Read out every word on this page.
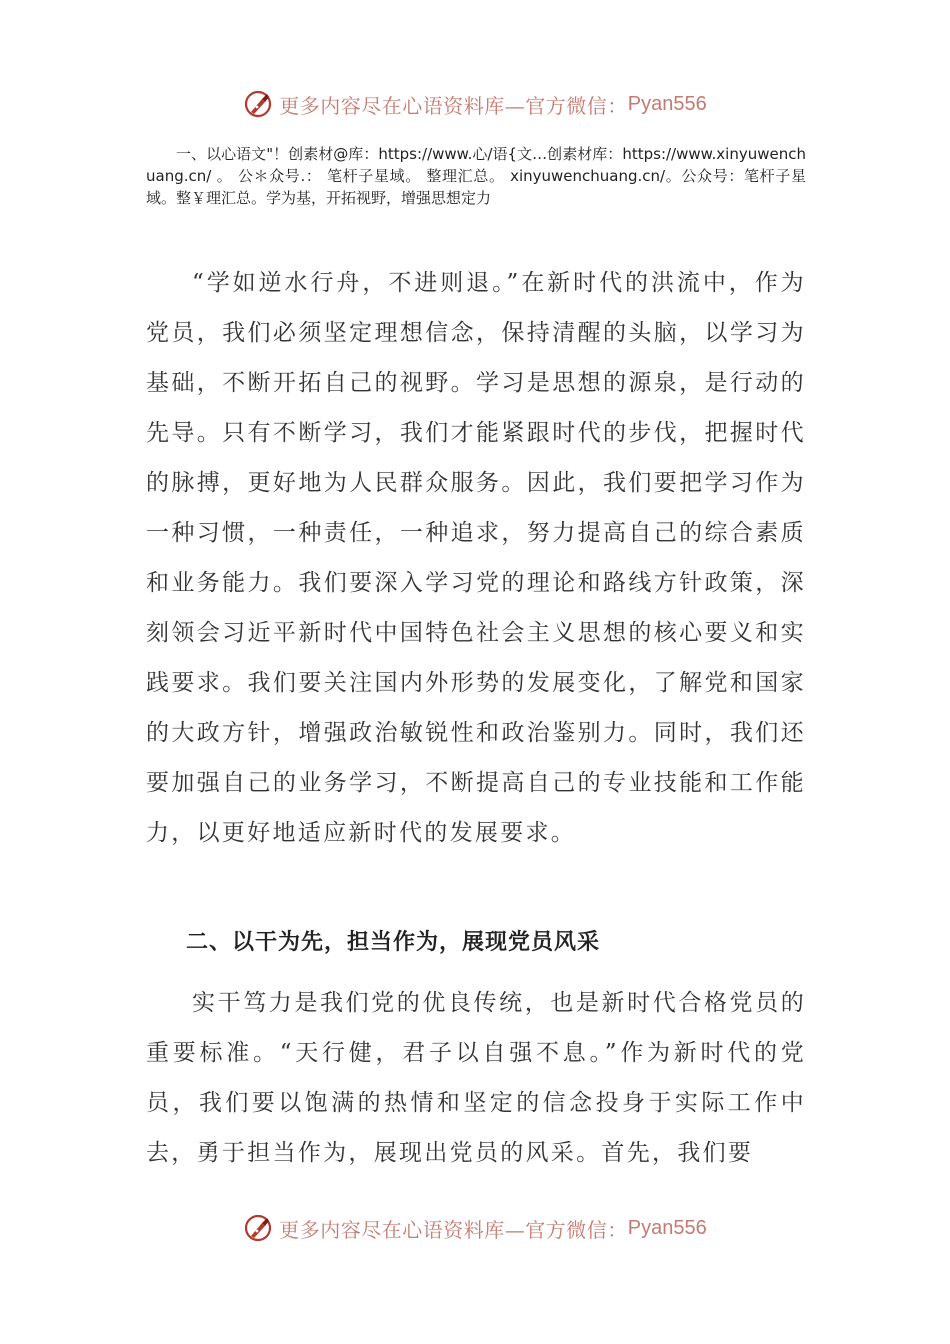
更多内容尽在心语资料库—官方微信： Pyan556

一、以心语文"！创素材@库：https://www.心/语{文…创素材库：https://www.xinyuwenchuang.cn/ 。 公＊众号.： 笔杆子星域。 整理汇总。 xinyuwenchuang.cn/。公众号：笔杆子星域。整￥理汇总。学为基，开拓视野，增强思想定力

“学如逆水行舟，不进则退。”在新时代的洪流中，作为党员，我们必须坚定理想信念，保持清醒的头脑，以学习为基础，不断开拓自己的视野。学习是思想的源泉，是行动的先导。只有不断学习，我们才能紧跟时代的步伐，把握时代的脉搏，更好地为人民群众服务。因此，我们要把学习作为一种习惯，一种责任，一种追求，努力提高自己的综合素质和业务能力。我们要深入学习党的理论和路线方针政策，深刻领会习近平新时代中国特色社会主义思想的核心要义和实践要求。我们要关注国内外形势的发展变化，了解党和国家的大政方针，增强政治敏锐性和政治鉴别力。同时，我们还要加强自己的业务学习，不断提高自己的专业技能和工作能力，以更好地适应新时代的发展要求。

二、以干为先，担当作为，展现党员风采

实干笃力是我们党的优良传统，也是新时代合格党员的重要标准。“天行健，君子以自强不息。”作为新时代的党员，我们要以饱满的热情和坚定的信念投身于实际工作中去，勇于担当作为，展现出党员的风采。首先，我们要

更多内容尽在心语资料库—官方微信： Pyan556
